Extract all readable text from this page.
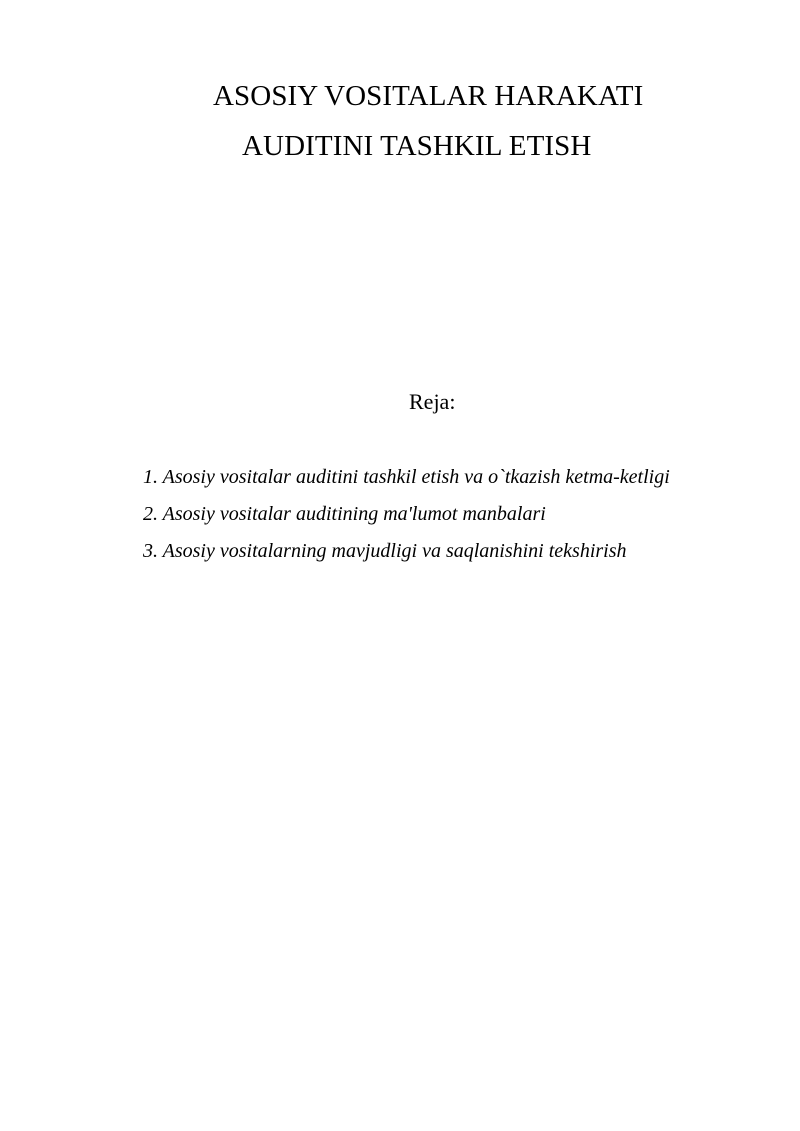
ASOSIY VOSITALAR HARAKATI
AUDITINI TASHKIL ETISH
Reja:
1. Asosiy vositalar auditini tashkil etish va o`tkazish ketma-ketligi
2. Asosiy vositalar auditining ma'lumot manbalari
3. Asosiy vositalarning mavjudligi va saqlanishini tekshirish
